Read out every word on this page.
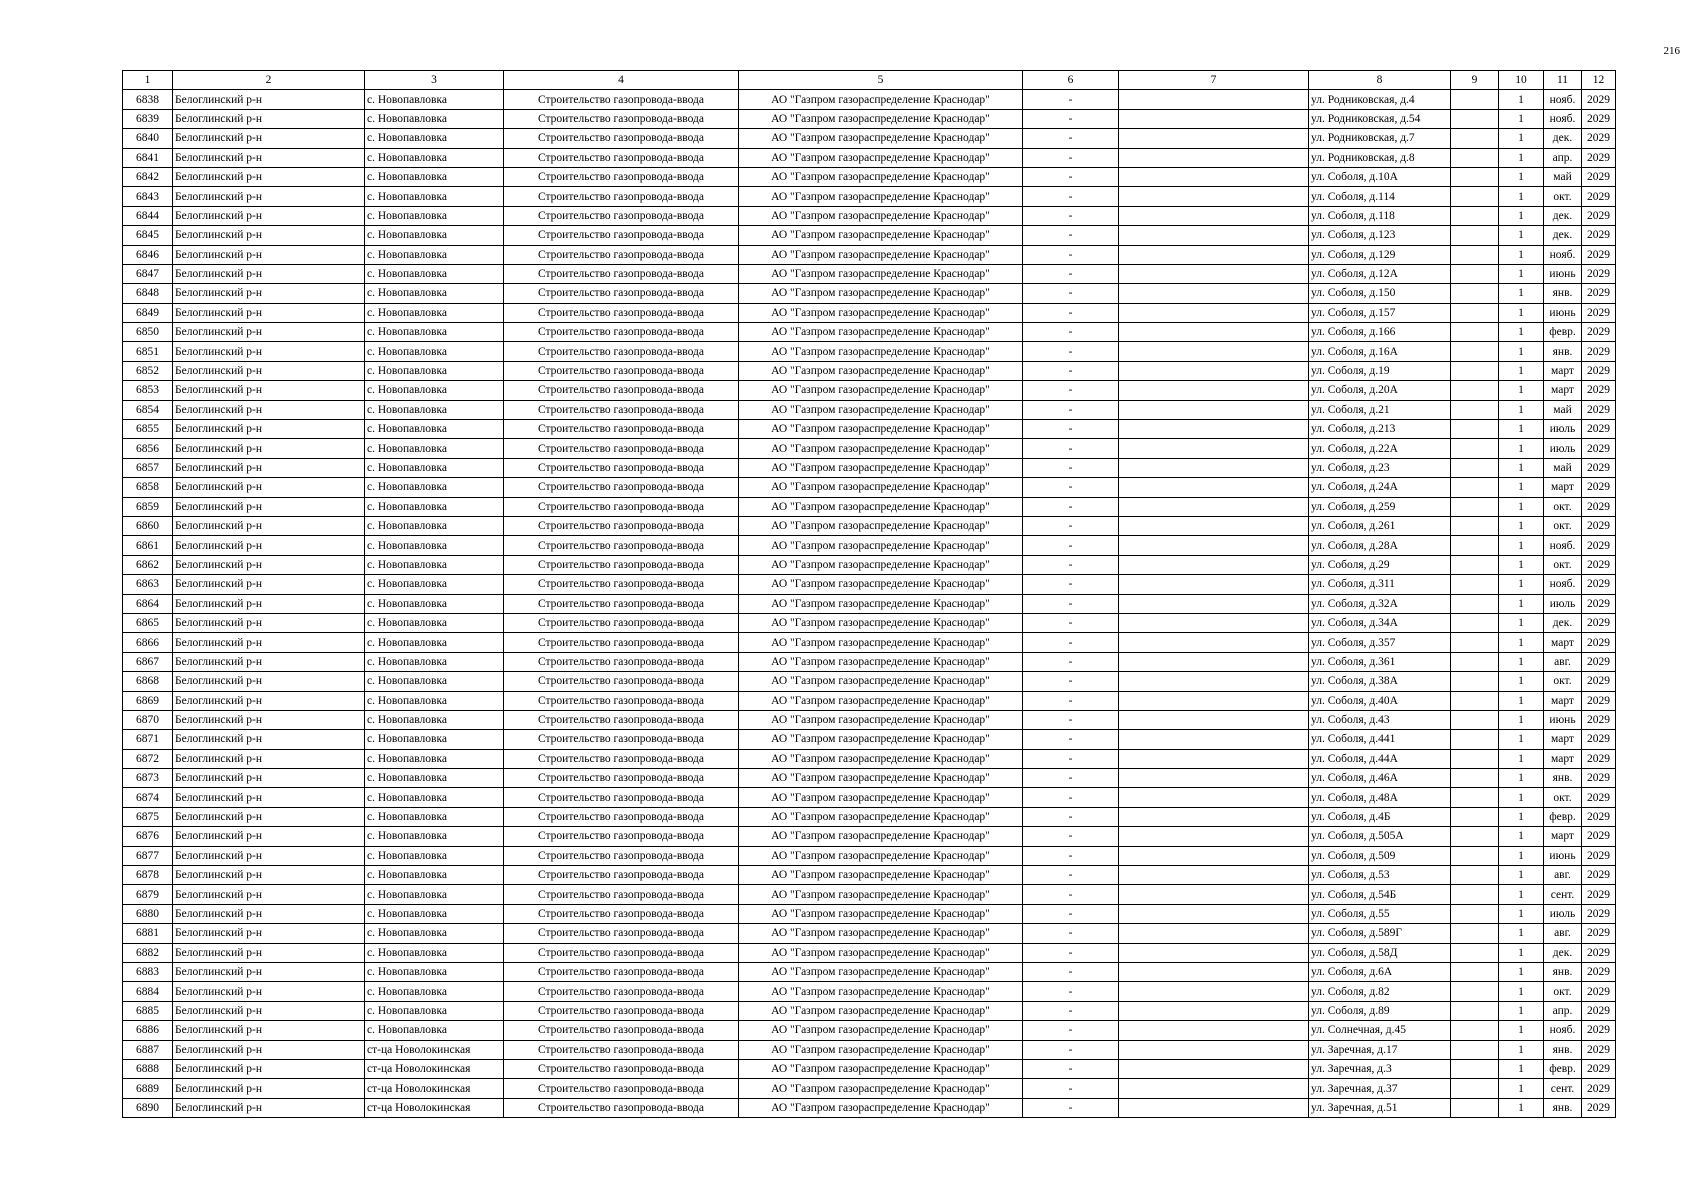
216
1	2	3	4	5	6	7	8	9	10	11	12
6838	Белоглинский р-н	с. Новопавловка	Строительство газопровода-ввода	АО "Газпром газораспределение Краснодар"	-		ул. Родниковская, д.4		1	нояб.	2029
6839	Белоглинский р-н	с. Новопавловка	Строительство газопровода-ввода	АО "Газпром газораспределение Краснодар"	-		ул. Родниковская, д.54		1	нояб.	2029
6840	Белоглинский р-н	с. Новопавловка	Строительство газопровода-ввода	АО "Газпром газораспределение Краснодар"	-		ул. Родниковская, д.7		1	дек.	2029
6841	Белоглинский р-н	с. Новопавловка	Строительство газопровода-ввода	АО "Газпром газораспределение Краснодар"	-		ул. Родниковская, д.8		1	апр.	2029
6842	Белоглинский р-н	с. Новопавловка	Строительство газопровода-ввода	АО "Газпром газораспределение Краснодар"	-		ул. Соболя, д.10А		1	май	2029
6843	Белоглинский р-н	с. Новопавловка	Строительство газопровода-ввода	АО "Газпром газораспределение Краснодар"	-		ул. Соболя, д.114		1	окт.	2029
6844	Белоглинский р-н	с. Новопавловка	Строительство газопровода-ввода	АО "Газпром газораспределение Краснодар"	-		ул. Соболя, д.118		1	дек.	2029
6845	Белоглинский р-н	с. Новопавловка	Строительство газопровода-ввода	АО "Газпром газораспределение Краснодар"	-		ул. Соболя, д.123		1	дек.	2029
6846	Белоглинский р-н	с. Новопавловка	Строительство газопровода-ввода	АО "Газпром газораспределение Краснодар"	-		ул. Соболя, д.129		1	нояб.	2029
6847	Белоглинский р-н	с. Новопавловка	Строительство газопровода-ввода	АО "Газпром газораспределение Краснодар"	-		ул. Соболя, д.12А		1	июнь	2029
6848	Белоглинский р-н	с. Новопавловка	Строительство газопровода-ввода	АО "Газпром газораспределение Краснодар"	-		ул. Соболя, д.150		1	янв.	2029
6849	Белоглинский р-н	с. Новопавловка	Строительство газопровода-ввода	АО "Газпром газораспределение Краснодар"	-		ул. Соболя, д.157		1	июнь	2029
6850	Белоглинский р-н	с. Новопавловка	Строительство газопровода-ввода	АО "Газпром газораспределение Краснодар"	-		ул. Соболя, д.166		1	февр.	2029
6851	Белоглинский р-н	с. Новопавловка	Строительство газопровода-ввода	АО "Газпром газораспределение Краснодар"	-		ул. Соболя, д.16А		1	янв.	2029
6852	Белоглинский р-н	с. Новопавловка	Строительство газопровода-ввода	АО "Газпром газораспределение Краснодар"	-		ул. Соболя, д.19		1	март	2029
6853	Белоглинский р-н	с. Новопавловка	Строительство газопровода-ввода	АО "Газпром газораспределение Краснодар"	-		ул. Соболя, д.20А		1	март	2029
6854	Белоглинский р-н	с. Новопавловка	Строительство газопровода-ввода	АО "Газпром газораспределение Краснодар"	-		ул. Соболя, д.21		1	май	2029
6855	Белоглинский р-н	с. Новопавловка	Строительство газопровода-ввода	АО "Газпром газораспределение Краснодар"	-		ул. Соболя, д.213		1	июль	2029
6856	Белоглинский р-н	с. Новопавловка	Строительство газопровода-ввода	АО "Газпром газораспределение Краснодар"	-		ул. Соболя, д.22А		1	июль	2029
6857	Белоглинский р-н	с. Новопавловка	Строительство газопровода-ввода	АО "Газпром газораспределение Краснодар"	-		ул. Соболя, д.23		1	май	2029
6858	Белоглинский р-н	с. Новопавловка	Строительство газопровода-ввода	АО "Газпром газораспределение Краснодар"	-		ул. Соболя, д.24А		1	март	2029
6859	Белоглинский р-н	с. Новопавловка	Строительство газопровода-ввода	АО "Газпром газораспределение Краснодар"	-		ул. Соболя, д.259		1	окт.	2029
6860	Белоглинский р-н	с. Новопавловка	Строительство газопровода-ввода	АО "Газпром газораспределение Краснодар"	-		ул. Соболя, д.261		1	окт.	2029
6861	Белоглинский р-н	с. Новопавловка	Строительство газопровода-ввода	АО "Газпром газораспределение Краснодар"	-		ул. Соболя, д.28А		1	нояб.	2029
6862	Белоглинский р-н	с. Новопавловка	Строительство газопровода-ввода	АО "Газпром газораспределение Краснодар"	-		ул. Соболя, д.29		1	окт.	2029
6863	Белоглинский р-н	с. Новопавловка	Строительство газопровода-ввода	АО "Газпром газораспределение Краснодар"	-		ул. Соболя, д.311		1	нояб.	2029
6864	Белоглинский р-н	с. Новопавловка	Строительство газопровода-ввода	АО "Газпром газораспределение Краснодар"	-		ул. Соболя, д.32А		1	июль	2029
6865	Белоглинский р-н	с. Новопавловка	Строительство газопровода-ввода	АО "Газпром газораспределение Краснодар"	-		ул. Соболя, д.34А		1	дек.	2029
6866	Белоглинский р-н	с. Новопавловка	Строительство газопровода-ввода	АО "Газпром газораспределение Краснодар"	-		ул. Соболя, д.357		1	март	2029
6867	Белоглинский р-н	с. Новопавловка	Строительство газопровода-ввода	АО "Газпром газораспределение Краснодар"	-		ул. Соболя, д.361		1	авг.	2029
6868	Белоглинский р-н	с. Новопавловка	Строительство газопровода-ввода	АО "Газпром газораспределение Краснодар"	-		ул. Соболя, д.38А		1	окт.	2029
6869	Белоглинский р-н	с. Новопавловка	Строительство газопровода-ввода	АО "Газпром газораспределение Краснодар"	-		ул. Соболя, д.40А		1	март	2029
6870	Белоглинский р-н	с. Новопавловка	Строительство газопровода-ввода	АО "Газпром газораспределение Краснодар"	-		ул. Соболя, д.43		1	июнь	2029
6871	Белоглинский р-н	с. Новопавловка	Строительство газопровода-ввода	АО "Газпром газораспределение Краснодар"	-		ул. Соболя, д.441		1	март	2029
6872	Белоглинский р-н	с. Новопавловка	Строительство газопровода-ввода	АО "Газпром газораспределение Краснодар"	-		ул. Соболя, д.44А		1	март	2029
6873	Белоглинский р-н	с. Новопавловка	Строительство газопровода-ввода	АО "Газпром газораспределение Краснодар"	-		ул. Соболя, д.46А		1	янв.	2029
6874	Белоглинский р-н	с. Новопавловка	Строительство газопровода-ввода	АО "Газпром газораспределение Краснодар"	-		ул. Соболя, д.48А		1	окт.	2029
6875	Белоглинский р-н	с. Новопавловка	Строительство газопровода-ввода	АО "Газпром газораспределение Краснодар"	-		ул. Соболя, д.4Б		1	февр.	2029
6876	Белоглинский р-н	с. Новопавловка	Строительство газопровода-ввода	АО "Газпром газораспределение Краснодар"	-		ул. Соболя, д.505А		1	март	2029
6877	Белоглинский р-н	с. Новопавловка	Строительство газопровода-ввода	АО "Газпром газораспределение Краснодар"	-		ул. Соболя, д.509		1	июнь	2029
6878	Белоглинский р-н	с. Новопавловка	Строительство газопровода-ввода	АО "Газпром газораспределение Краснодар"	-		ул. Соболя, д.53		1	авг.	2029
6879	Белоглинский р-н	с. Новопавловка	Строительство газопровода-ввода	АО "Газпром газораспределение Краснодар"	-		ул. Соболя, д.54Б		1	сент.	2029
6880	Белоглинский р-н	с. Новопавловка	Строительство газопровода-ввода	АО "Газпром газораспределение Краснодар"	-		ул. Соболя, д.55		1	июль	2029
6881	Белоглинский р-н	с. Новопавловка	Строительство газопровода-ввода	АО "Газпром газораспределение Краснодар"	-		ул. Соболя, д.589Г		1	авг.	2029
6882	Белоглинский р-н	с. Новопавловка	Строительство газопровода-ввода	АО "Газпром газораспределение Краснодар"	-		ул. Соболя, д.58Д		1	дек.	2029
6883	Белоглинский р-н	с. Новопавловка	Строительство газопровода-ввода	АО "Газпром газораспределение Краснодар"	-		ул. Соболя, д.6А		1	янв.	2029
6884	Белоглинский р-н	с. Новопавловка	Строительство газопровода-ввода	АО "Газпром газораспределение Краснодар"	-		ул. Соболя, д.82		1	окт.	2029
6885	Белоглинский р-н	с. Новопавловка	Строительство газопровода-ввода	АО "Газпром газораспределение Краснодар"	-		ул. Соболя, д.89		1	апр.	2029
6886	Белоглинский р-н	с. Новопавловка	Строительство газопровода-ввода	АО "Газпром газораспределение Краснодар"	-		ул. Солнечная, д.45		1	нояб.	2029
6887	Белоглинский р-н	ст-ца Новолокинская	Строительство газопровода-ввода	АО "Газпром газораспределение Краснодар"	-		ул. Заречная, д.17		1	янв.	2029
6888	Белоглинский р-н	ст-ца Новолокинская	Строительство газопровода-ввода	АО "Газпром газораспределение Краснодар"	-		ул. Заречная, д.3		1	февр.	2029
6889	Белоглинский р-н	ст-ца Новолокинская	Строительство газопровода-ввода	АО "Газпром газораспределение Краснодар"	-		ул. Заречная, д.37		1	сент.	2029
6890	Белоглинский р-н	ст-ца Новолокинская	Строительство газопровода-ввода	АО "Газпром газораспределение Краснодар"	-		ул. Заречная, д.51		1	янв.	2029
